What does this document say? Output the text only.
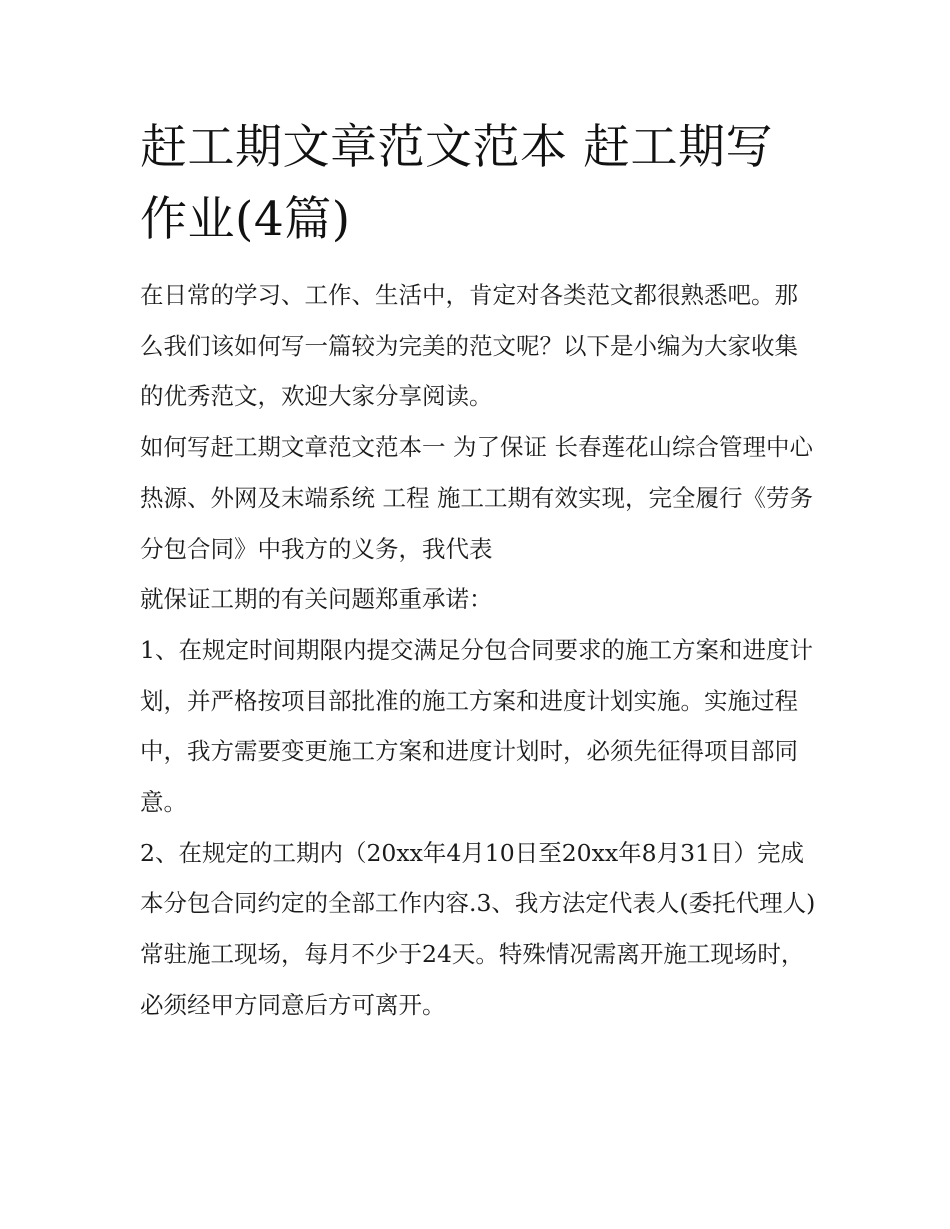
赶工期文章范文范本 赶工期写作业(4篇)

在日常的学习、工作、生活中，肯定对各类范文都很熟悉吧。那么我们该如何写一篇较为完美的范文呢？以下是小编为大家收集的优秀范文，欢迎大家分享阅读。

如何写赶工期文章范文范本一 为了保证 长春莲花山综合管理中心热源、外网及末端系统 工程 施工工期有效实现，完全履行《劳务分包合同》中我方的义务，我代表

就保证工期的有关问题郑重承诺：

1、在规定时间期限内提交满足分包合同要求的施工方案和进度计划，并严格按项目部批准的施工方案和进度计划实施。实施过程中，我方需要变更施工方案和进度计划时，必须先征得项目部同意。

2、在规定的工期内（20xx年4月10日至20xx年8月31日）完成本分包合同约定的全部工作内容.3、我方法定代表人(委托代理人)

常驻施工现场，每月不少于24天。特殊情况需离开施工现场时，必须经甲方同意后方可离开。
